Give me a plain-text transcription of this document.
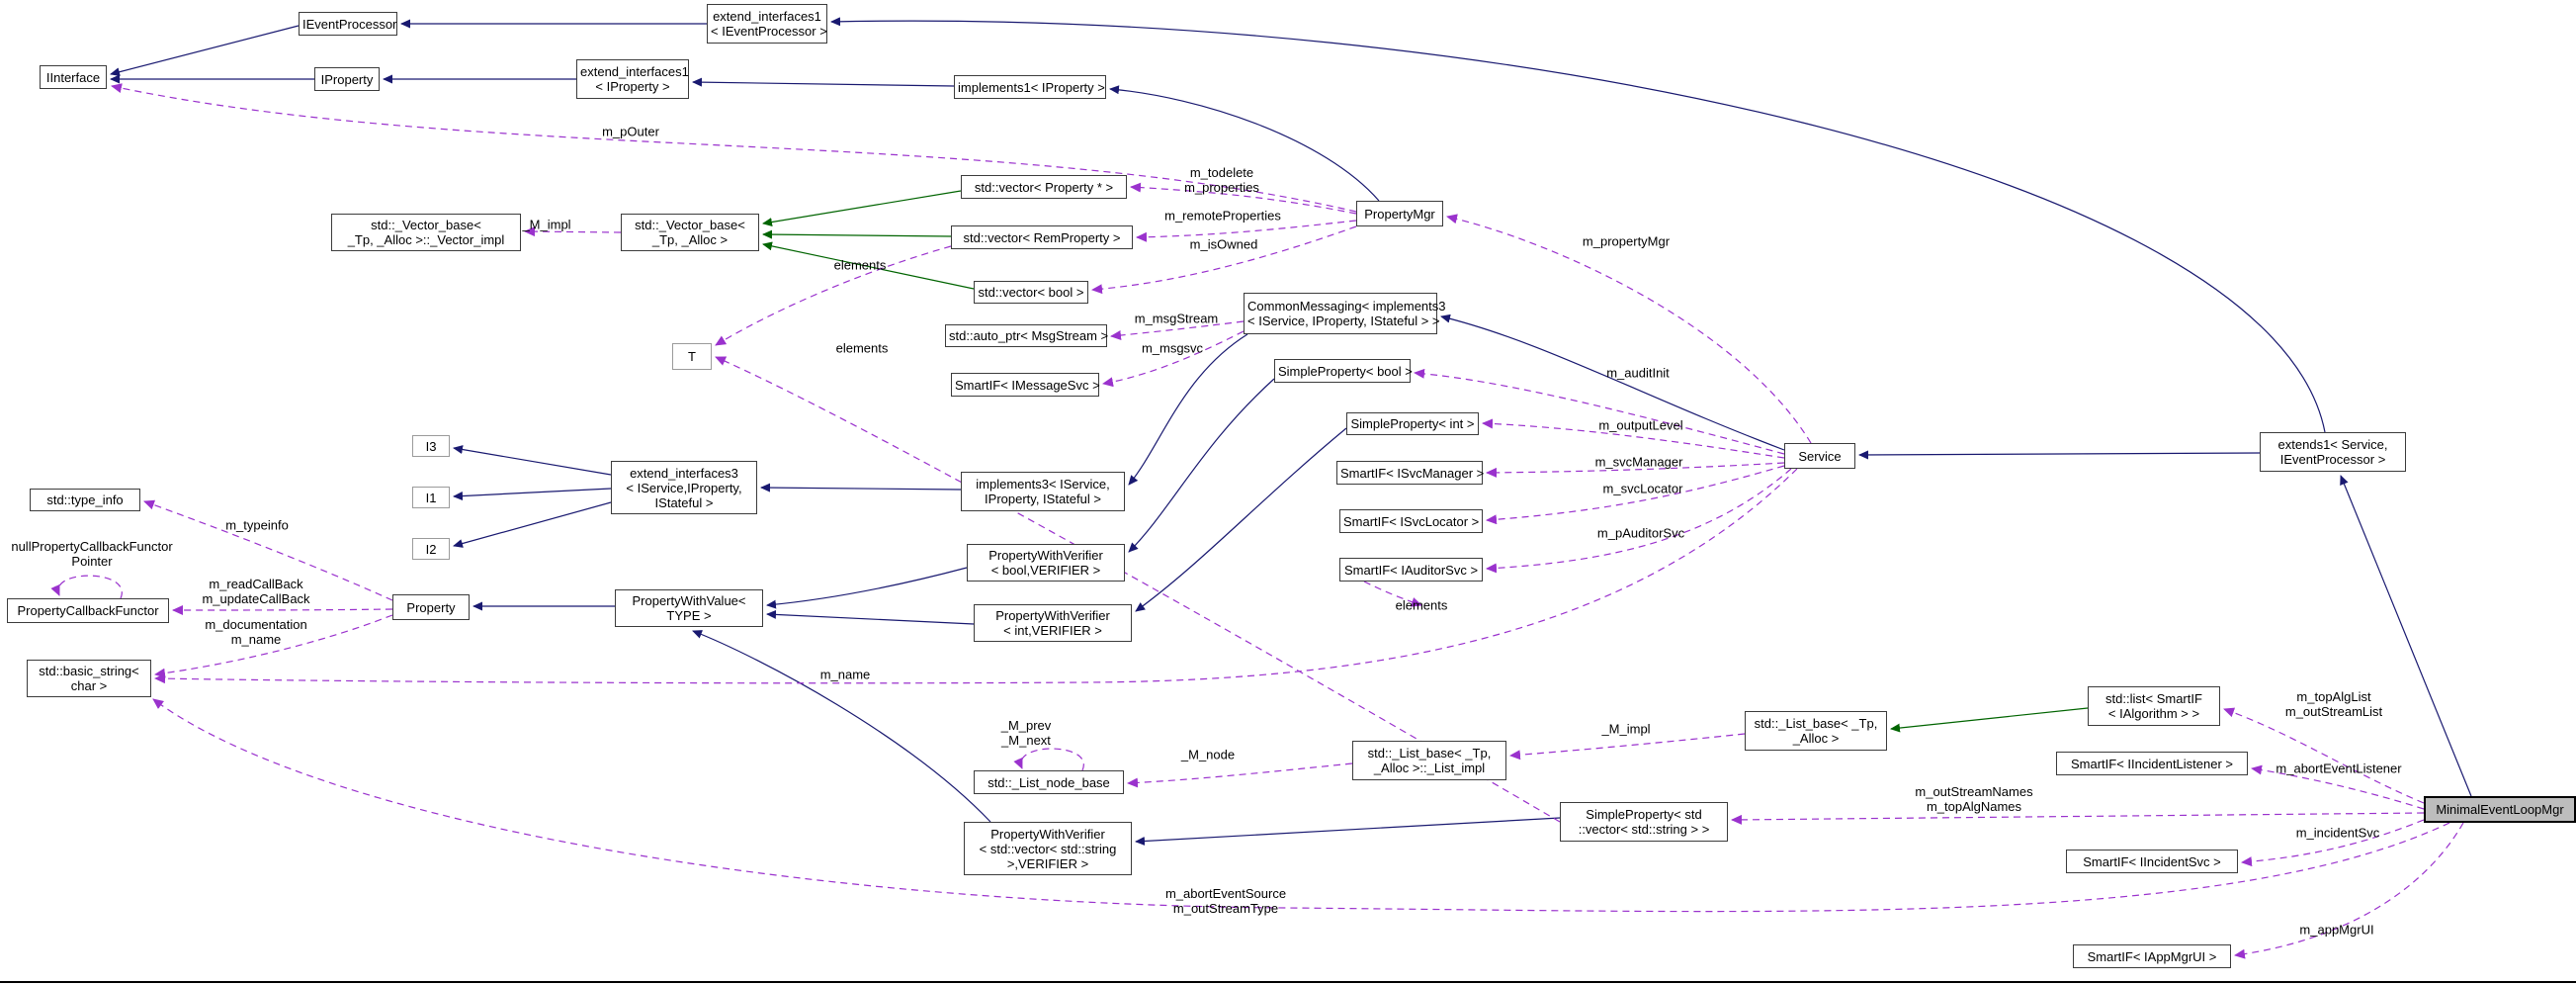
m_pOuter
m_todelete
m_properties
m_remoteProperties
m_isOwned
m_msgStream
m_msgsvc
m_propertyMgr
m_auditInit
m_outputLevel
m_svcManager
m_svcLocator
m_pAuditorSvc
m_name
m_typeinfo
m_readCallBack
m_updateCallBack
m_documentation
m_name
nullPropertyCallbackFunctor
Pointer
_M_impl
elements
elements
elements
m_topAlgList
m_outStreamList
m_abortEventListener
m_outStreamNames
m_topAlgNames
m_incidentSvc
m_appMgrUI
m_abortEventSource
m_outStreamType
_M_prev
_M_next
_M_node
_M_impl
IInterface
IEventProcessor
IProperty
extend_interfaces1
< IEventProcessor >
extend_interfaces1
< IProperty >	implements1< IProperty >
std::vector< Property * >
std::vector< RemProperty >
std::vector< bool >
std::_Vector_base<
_Tp, _Alloc >::_Vector_impl
std::_Vector_base<
_Tp, _Alloc >
T
std::auto_ptr< MsgStream >
SmartIF< IMessageSvc >
CommonMessaging< implements3
< IService, IProperty, IStateful > >
PropertyMgr
SimpleProperty< bool >
SimpleProperty< int >
SmartIF< ISvcManager >
SmartIF< ISvcLocator >
SmartIF< IAuditorSvc >
Service
extends1< Service,
IEventProcessor >
I3
I1
I2
extend_interfaces3
< IService,IProperty,
IStateful >
implements3< IService,
IProperty, IStateful >
PropertyWithVerifier
< bool,VERIFIER >
PropertyWithVerifier
< int,VERIFIER >
PropertyWithValue<
TYPE >
std::type_info
PropertyCallbackFunctor	Property
std::basic_string<
char >
std::_List_node_base
std::_List_base< _Tp,
_Alloc >::_List_impl
std::_List_base< _Tp,
_Alloc >
std::list< SmartIF
< IAlgorithm > >
SmartIF< IIncidentListener >
PropertyWithVerifier
< std::vector< std::string
>,VERIFIER >
SimpleProperty< std
::vector< std::string > >
MinimalEventLoopMgr
SmartIF< IIncidentSvc >
SmartIF< IAppMgrUI >
